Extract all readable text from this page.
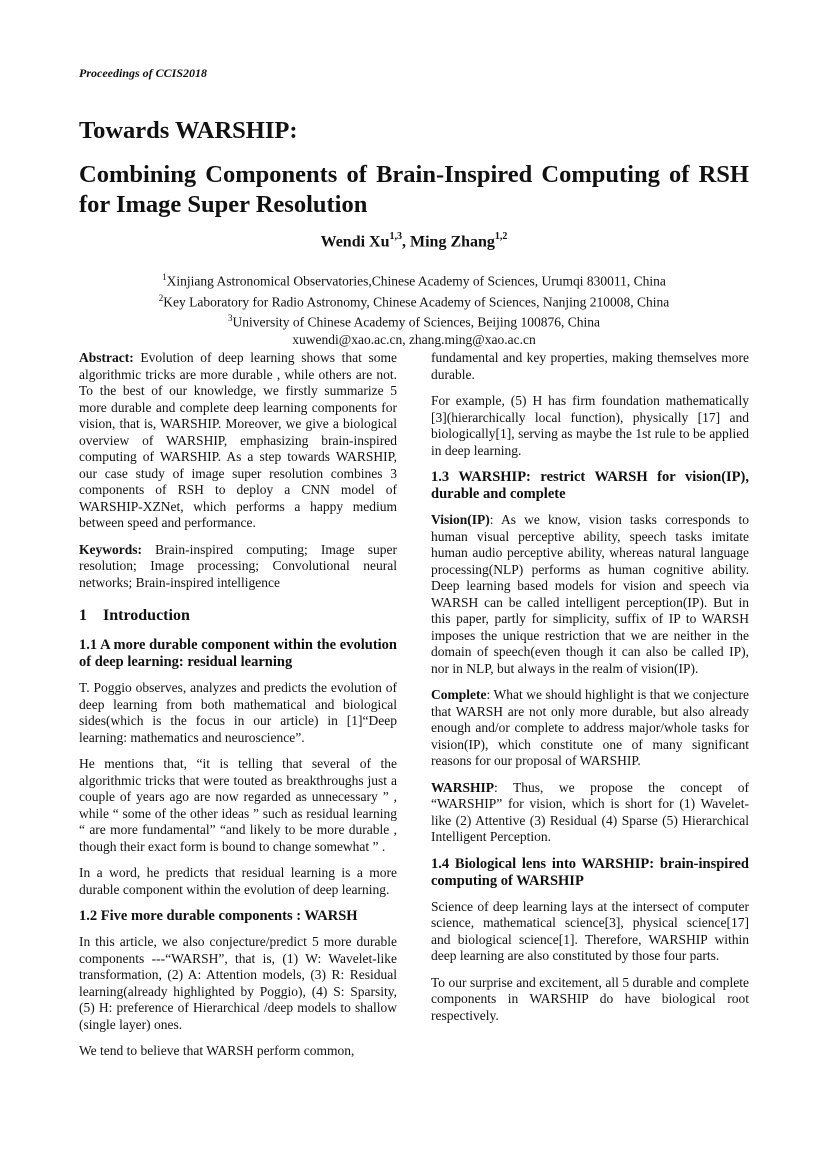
Proceedings of CCIS2018
Towards WARSHIP:
Combining Components of Brain-Inspired Computing of RSH for Image Super Resolution
Wendi Xu$^{1,3}$, Ming Zhang$^{1,2}$
$^1$Xinjiang Astronomical Observatories,Chinese Academy of Sciences, Urumqi 830011, China
$^2$Key Laboratory for Radio Astronomy, Chinese Academy of Sciences, Nanjing 210008, China
$^3$University of Chinese Academy of Sciences, Beijing 100876, China
xuwendi@xao.ac.cn, zhang.ming@xao.ac.cn

Abstract: Evolution of deep learning shows that some algorithmic tricks are more durable , while others are not. To the best of our knowledge, we firstly summarize 5 more durable and complete deep learning components for vision, that is, WARSHIP. Moreover, we give a biological overview of WARSHIP, emphasizing brain-inspired computing of WARSHIP. As a step towards WARSHIP, our case study of image super resolution combines 3 components of RSH to deploy a CNN model of WARSHIP-XZNet, which performs a happy medium between speed and performance.

Keywords: Brain-inspired computing; Image super resolution; Image processing; Convolutional neural networks; Brain-inspired intelligence

1 Introduction
1.1 A more durable component within the evolution of deep learning: residual learning

T. Poggio observes, analyzes and predicts the evolution of deep learning from both mathematical and biological sides(which is the focus in our article) in [1]“Deep learning: mathematics and neuroscience”.

He mentions that, “it is telling that several of the algorithmic tricks that were touted as breakthroughs just a couple of years ago are now regarded as unnecessary ” , while “ some of the other ideas ” such as residual learning “ are more fundamental” “and likely to be more durable , though their exact form is bound to change somewhat ” .

In a word, he predicts that residual learning is a more durable component within the evolution of deep learning.

1.2 Five more durable components : WARSH

In this article, we also conjecture/predict 5 more durable components ---“WARSH”, that is, (1) W: Wavelet-like transformation, (2) A: Attention models, (3) R: Residual learning(already highlighted by Poggio), (4) S: Sparsity, (5) H: preference of Hierarchical /deep models to shallow (single layer) ones.

We tend to believe that WARSH perform common,

fundamental and key properties, making themselves more durable.

For example, (5) H has firm foundation mathematically [3](hierarchically local function), physically [17] and biologically[1], serving as maybe the 1st rule to be applied in deep learning.

1.3 WARSHIP: restrict WARSH for vision(IP), durable and complete

Vision(IP): As we know, vision tasks corresponds to human visual perceptive ability, speech tasks imitate human audio perceptive ability, whereas natural language processing(NLP) performs as human cognitive ability. Deep learning based models for vision and speech via WARSH can be called intelligent perception(IP). But in this paper, partly for simplicity, suffix of IP to WARSH imposes the unique restriction that we are neither in the domain of speech(even though it can also be called IP), nor in NLP, but always in the realm of vision(IP).

Complete: What we should highlight is that we conjecture that WARSH are not only more durable, but also already enough and/or complete to address major/whole tasks for vision(IP), which constitute one of many significant reasons for our proposal of WARSHIP.

WARSHIP: Thus, we propose the concept of “WARSHIP” for vision, which is short for (1) Wavelet-like (2) Attentive (3) Residual (4) Sparse (5) Hierarchical Intelligent Perception.

1.4 Biological lens into WARSHIP: brain-inspired computing of WARSHIP

Science of deep learning lays at the intersect of computer science, mathematical science[3], physical science[17] and biological science[1]. Therefore, WARSHIP within deep learning are also constituted by those four parts.

To our surprise and excitement, all 5 durable and complete components in WARSHIP do have biological root respectively.
